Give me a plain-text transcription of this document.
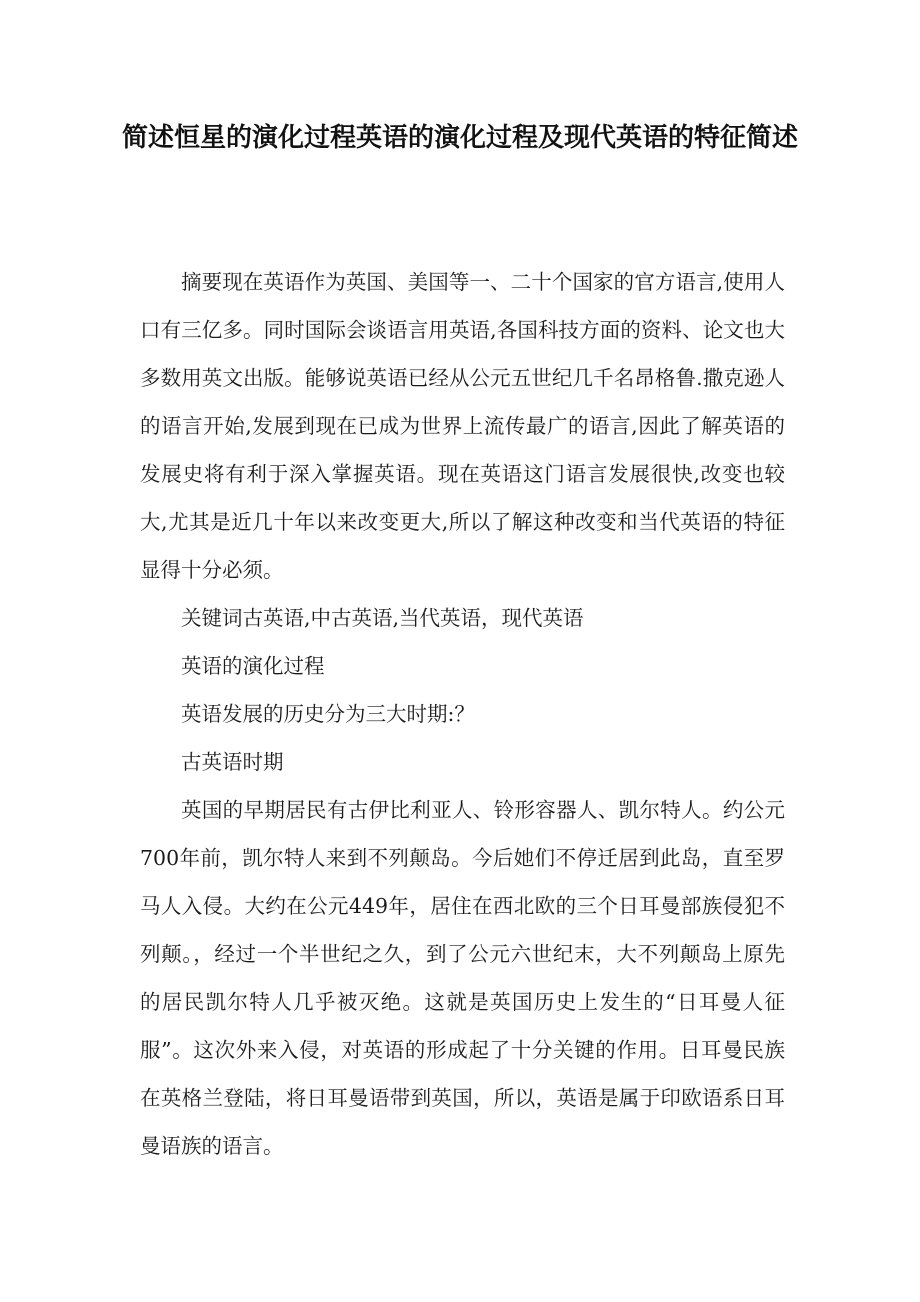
简述恒星的演化过程英语的演化过程及现代英语的特征简述

摘要现在英语作为英国、美国等一、二十个国家的官方语言,使用人口有三亿多。同时国际会谈语言用英语,各国科技方面的资料、论文也大多数用英文出版。能够说英语已经从公元五世纪几千名昂格鲁.撒克逊人的语言开始,发展到现在已成为世界上流传最广的语言,因此了解英语的发展史将有利于深入掌握英语。现在英语这门语言发展很快,改变也较大,尤其是近几十年以来改变更大,所以了解这种改变和当代英语的特征显得十分必须。

关键词古英语,中古英语,当代英语，现代英语

英语的演化过程

英语发展的历史分为三大时期:？

古英语时期

英国的早期居民有古伊比利亚人、铃形容器人、凯尔特人。约公元700年前，凯尔特人来到不列颠岛。今后她们不停迁居到此岛，直至罗马人入侵。大约在公元449年，居住在西北欧的三个日耳曼部族侵犯不列颠。，经过一个半世纪之久，到了公元六世纪末，大不列颠岛上原先的居民凯尔特人几乎被灭绝。这就是英国历史上发生的“日耳曼人征服”。这次外来入侵，对英语的形成起了十分关键的作用。日耳曼民族在英格兰登陆，将日耳曼语带到英国，所以，英语是属于印欧语系日耳曼语族的语言。
